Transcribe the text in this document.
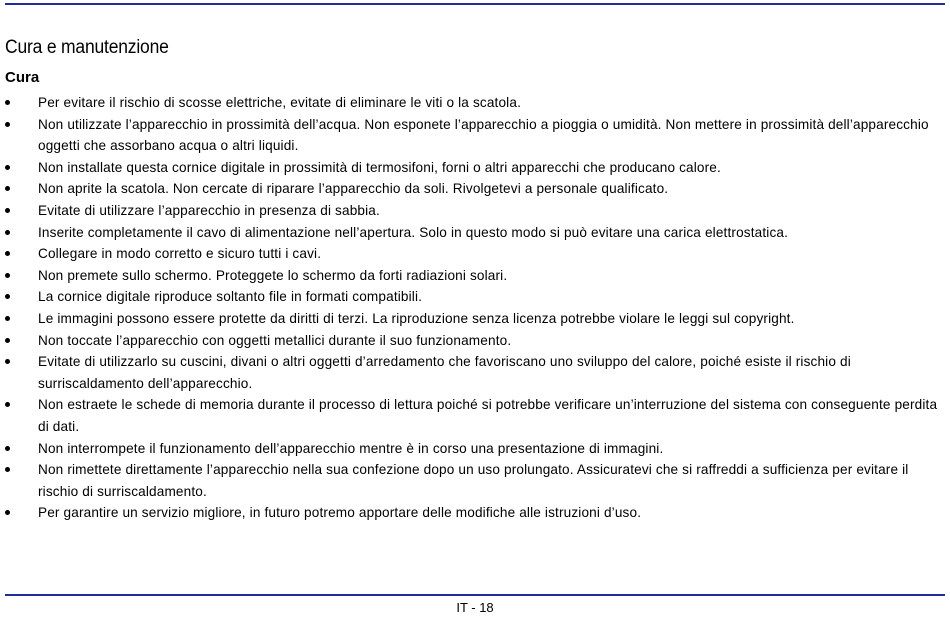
Cura e manutenzione
Cura
Per evitare il rischio di scosse elettriche, evitate di eliminare le viti o la scatola.
Non utilizzate l’apparecchio in prossimità dell’acqua. Non esponete l’apparecchio a pioggia o umidità. Non mettere in prossimità dell’apparecchio oggetti che assorbano acqua o altri liquidi.
Non installate questa cornice digitale in prossimità di termosifoni, forni o altri apparecchi che producano calore.
Non aprite la scatola. Non cercate di riparare l’apparecchio da soli. Rivolgetevi a personale qualificato.
Evitate di utilizzare l’apparecchio in presenza di sabbia.
Inserite completamente il cavo di alimentazione nell’apertura. Solo in questo modo si può evitare una carica elettrostatica.
Collegare in modo corretto e sicuro tutti i cavi.
Non premete sullo schermo. Proteggete lo schermo da forti radiazioni solari.
La cornice digitale riproduce soltanto file in formati compatibili.
Le immagini possono essere protette da diritti di terzi. La riproduzione senza licenza potrebbe violare le leggi sul copyright.
Non toccate l’apparecchio con oggetti metallici durante il suo funzionamento.
Evitate di utilizzarlo su cuscini, divani o altri oggetti d’arredamento che favoriscano uno sviluppo del calore, poiché esiste il rischio di surriscaldamento dell’apparecchio.
Non estraete le schede di memoria durante il processo di lettura poiché si potrebbe verificare un’interruzione del sistema con conseguente perdita di dati.
Non interrompete il funzionamento dell’apparecchio mentre è in corso una presentazione di immagini.
Non rimettete direttamente l’apparecchio nella sua confezione dopo un uso prolungato. Assicuratevi che si raffreddi a sufficienza per evitare il rischio di surriscaldamento.
Per garantire un servizio migliore, in futuro potremo apportare delle modifiche alle istruzioni d’uso.
IT - 18
